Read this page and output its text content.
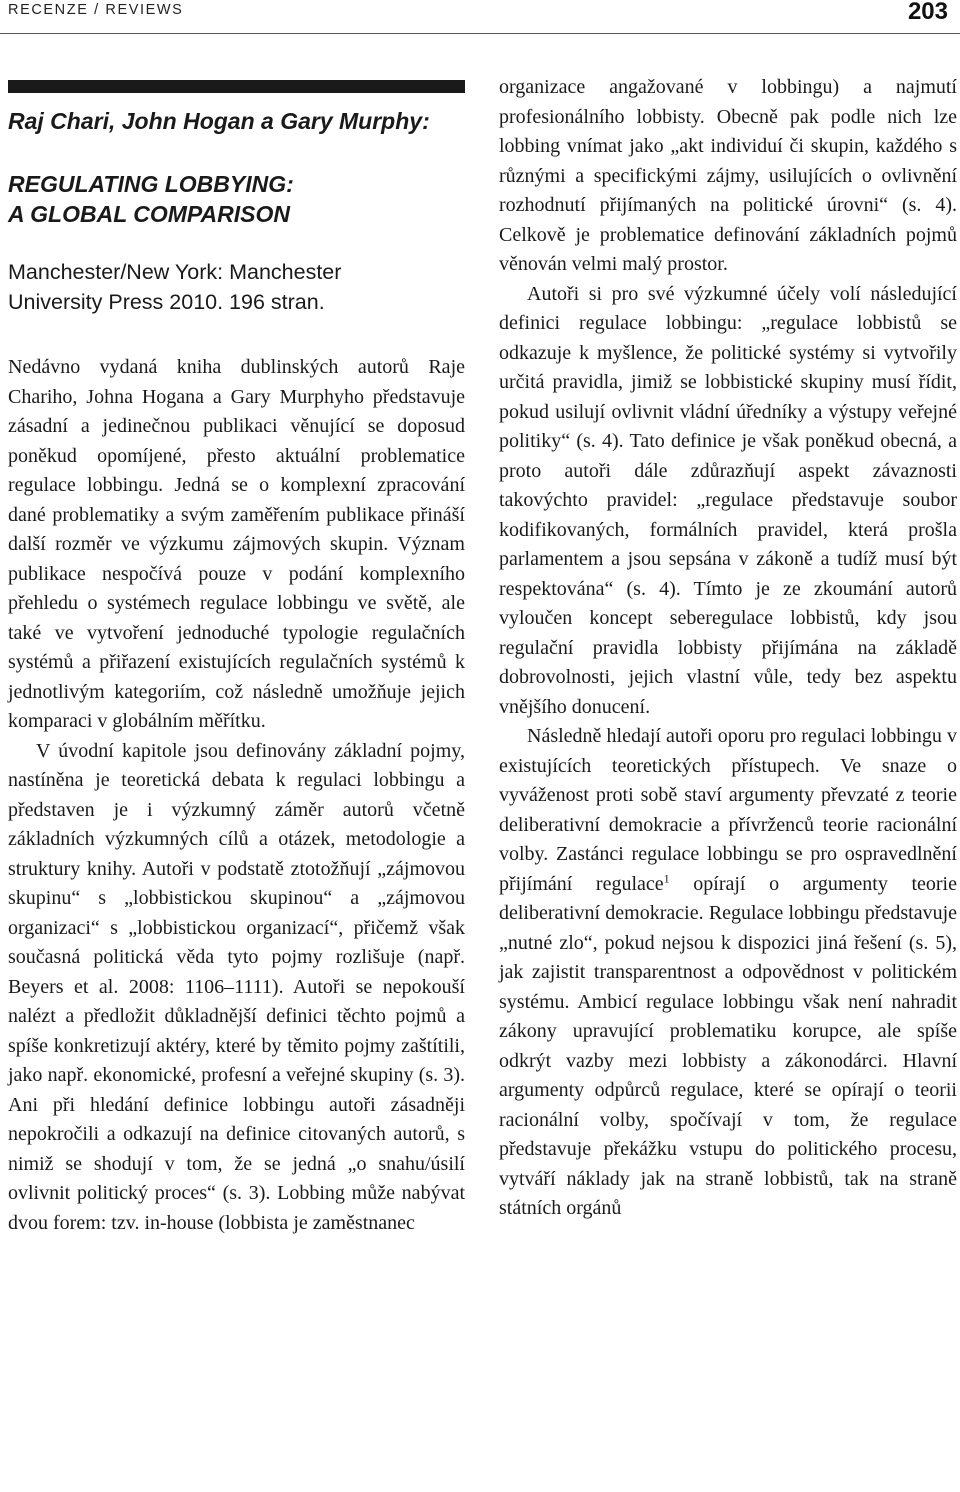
RECENZE / REVIEWS	203

Raj Chari, John Hogan a Gary Murphy:

REGULATING LOBBYING:
A GLOBAL COMPARISON

Manchester/New York: Manchester
University Press 2010. 196 stran.

Nedávno vydaná kniha dublinských autorů Raje Chariho, Johna Hogana a Gary Murphyho představuje zásadní a jedinečnou publikaci věnující se doposud poněkud opomíjené, přesto aktuální problematice regulace lobbingu. Jedná se o komplexní zpracování dané problematiky a svým zaměřením publikace přináší další rozměr ve výzkumu zájmových skupin. Význam publikace nespočívá pouze v podání komplexního přehledu o systémech regulace lobbingu ve světě, ale také ve vytvoření jednoduché typologie regulačních systémů a přiřazení existujících regulačních systémů k jednotlivým kategoriím, což následně umožňuje jejich komparaci v globálním měřítku.

V úvodní kapitole jsou definovány základní pojmy, nastíněna je teoretická debata k regulaci lobbingu a představen je i výzkumný záměr autorů včetně základních výzkumných cílů a otázek, metodologie a struktury knihy. Autoři v podstatě ztotožňují „zájmovou skupinu“ s „lobbistickou skupinou“ a „zájmovou organizaci“ s „lobbistickou organizací“, přičemž však současná politická věda tyto pojmy rozlišuje (např. Beyers et al. 2008: 1106–1111). Autoři se nepokouší nalézt a předložit důkladnější definici těchto pojmů a spíše konkretizují aktéry, které by těmito pojmy zaštítili, jako např. ekonomické, profesní a veřejné skupiny (s. 3). Ani při hledání definice lobbingu autoři zásadněji nepokročili a odkazují na definice citovaných autorů, s nimiž se shodují v tom, že se jedná „o snahu/úsilí ovlivnit politický proces“ (s. 3). Lobbing může nabývat dvou forem: tzv. in-house (lobbista je zaměstnanec

organizace angažované v lobbingu) a najmutí profesionálního lobbisty. Obecně pak podle nich lze lobbing vnímat jako „akt individuí či skupin, každého s různými a specifickými zájmy, usilujících o ovlivnění rozhodnutí přijímaných na politické úrovni“ (s. 4). Celkově je problematice definování základních pojmů věnován velmi malý prostor.

Autoři si pro své výzkumné účely volí následující definici regulace lobbingu: „regulace lobbistů se odkazuje k myšlence, že politické systémy si vytvořily určitá pravidla, jimiž se lobbistické skupiny musí řídit, pokud usilují ovlivnit vládní úředníky a výstupy veřejné politiky“ (s. 4). Tato definice je však poněkud obecná, a proto autoři dále zdůrazňují aspekt závaznosti takovýchto pravidel: „regulace představuje soubor kodifikovaných, formálních pravidel, která prošla parlamentem a jsou sepsána v zákoně a tudíž musí být respektována“ (s. 4). Tímto je ze zkoumání autorů vyloučen koncept seberegulace lobbistů, kdy jsou regulační pravidla lobbisty přijímána na základě dobrovolnosti, jejich vlastní vůle, tedy bez aspektu vnějšího donucení.

Následně hledají autoři oporu pro regulaci lobbingu v existujících teoretických přístupech. Ve snaze o vyváženost proti sobě staví argumenty převzaté z teorie deliberativní demokracie a přívrženců teorie racionální volby. Zastánci regulace lobbingu se pro ospravedlnění přijímání regulace$^1$ opírají o argumenty teorie deliberativní demokracie. Regulace lobbingu představuje „nutné zlo“, pokud nejsou k dispozici jiná řešení (s. 5), jak zajistit transparentnost a odpovědnost v politickém systému. Ambicí regulace lobbingu však není nahradit zákony upravující problematiku korupce, ale spíše odkrýt vazby mezi lobbisty a zákonodárci. Hlavní argumenty odpůrců regulace, které se opírají o teorii racionální volby, spočívají v tom, že regulace představuje překážku vstupu do politického procesu, vytváří náklady jak na straně lobbistů, tak na straně státních orgánů
